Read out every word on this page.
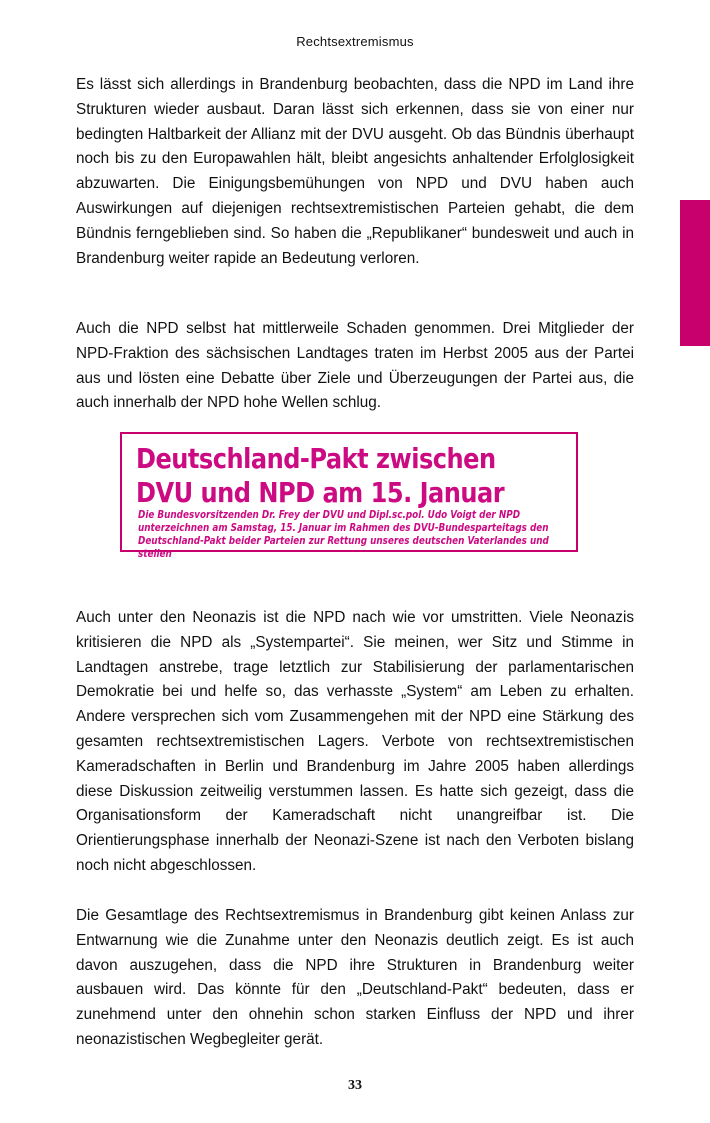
Rechtsextremismus

Es lässt sich allerdings in Brandenburg beobachten, dass die NPD im Land ihre Strukturen wieder ausbaut. Daran lässt sich erkennen, dass sie von einer nur bedingten Haltbarkeit der Allianz mit der DVU ausgeht. Ob das Bündnis überhaupt noch bis zu den Europawahlen hält, bleibt angesichts anhaltender Erfolglosigkeit abzuwarten. Die Einigungsbemühungen von NPD und DVU haben auch Auswirkungen auf diejenigen rechtsextremistischen Parteien gehabt, die dem Bündnis ferngeblieben sind. So haben die „Republikaner“ bundesweit und auch in Brandenburg weiter rapide an Bedeutung verloren.

Auch die NPD selbst hat mittlerweile Schaden genommen. Drei Mitglieder der NPD-Fraktion des sächsischen Landtages traten im Herbst 2005 aus der Partei aus und lösten eine Debatte über Ziele und Überzeugungen der Partei aus, die auch innerhalb der NPD hohe Wellen schlug.

Deutschland-Pakt zwischen
DVU und NPD am 15. Januar
Die Bundesvorsitzenden Dr. Frey der DVU und Dipl.sc.pol. Udo Voigt der NPD unterzeichnen am Samstag, 15. Januar im Rahmen des DVU-Bundesparteitags den Deutschland-Pakt beider Parteien zur Rettung unseres deutschen Vaterlandes und stellen

Auch unter den Neonazis ist die NPD nach wie vor umstritten. Viele Neonazis kritisieren die NPD als „Systempartei“. Sie meinen, wer Sitz und Stimme in Landtagen anstrebe, trage letztlich zur Stabilisierung der parlamentarischen Demokratie bei und helfe so, das verhasste „System“ am Leben zu erhalten. Andere versprechen sich vom Zusammengehen mit der NPD eine Stärkung des gesamten rechtsextremistischen Lagers. Verbote von rechtsextremistischen Kameradschaften in Berlin und Brandenburg im Jahre 2005 haben allerdings diese Diskussion zeitweilig verstummen lassen. Es hatte sich gezeigt, dass die Organisationsform der Kameradschaft nicht unangreifbar ist. Die Orientierungsphase innerhalb der Neonazi-Szene ist nach den Verboten bislang noch nicht abgeschlossen.

Die Gesamtlage des Rechtsextremismus in Brandenburg gibt keinen Anlass zur Entwarnung wie die Zunahme unter den Neonazis deutlich zeigt. Es ist auch davon auszugehen, dass die NPD ihre Strukturen in Brandenburg weiter ausbauen wird. Das könnte für den „Deutschland-Pakt“ bedeuten, dass er zunehmend unter den ohnehin schon starken Einfluss der NPD und ihrer neonazistischen Wegbegleiter gerät.

33
